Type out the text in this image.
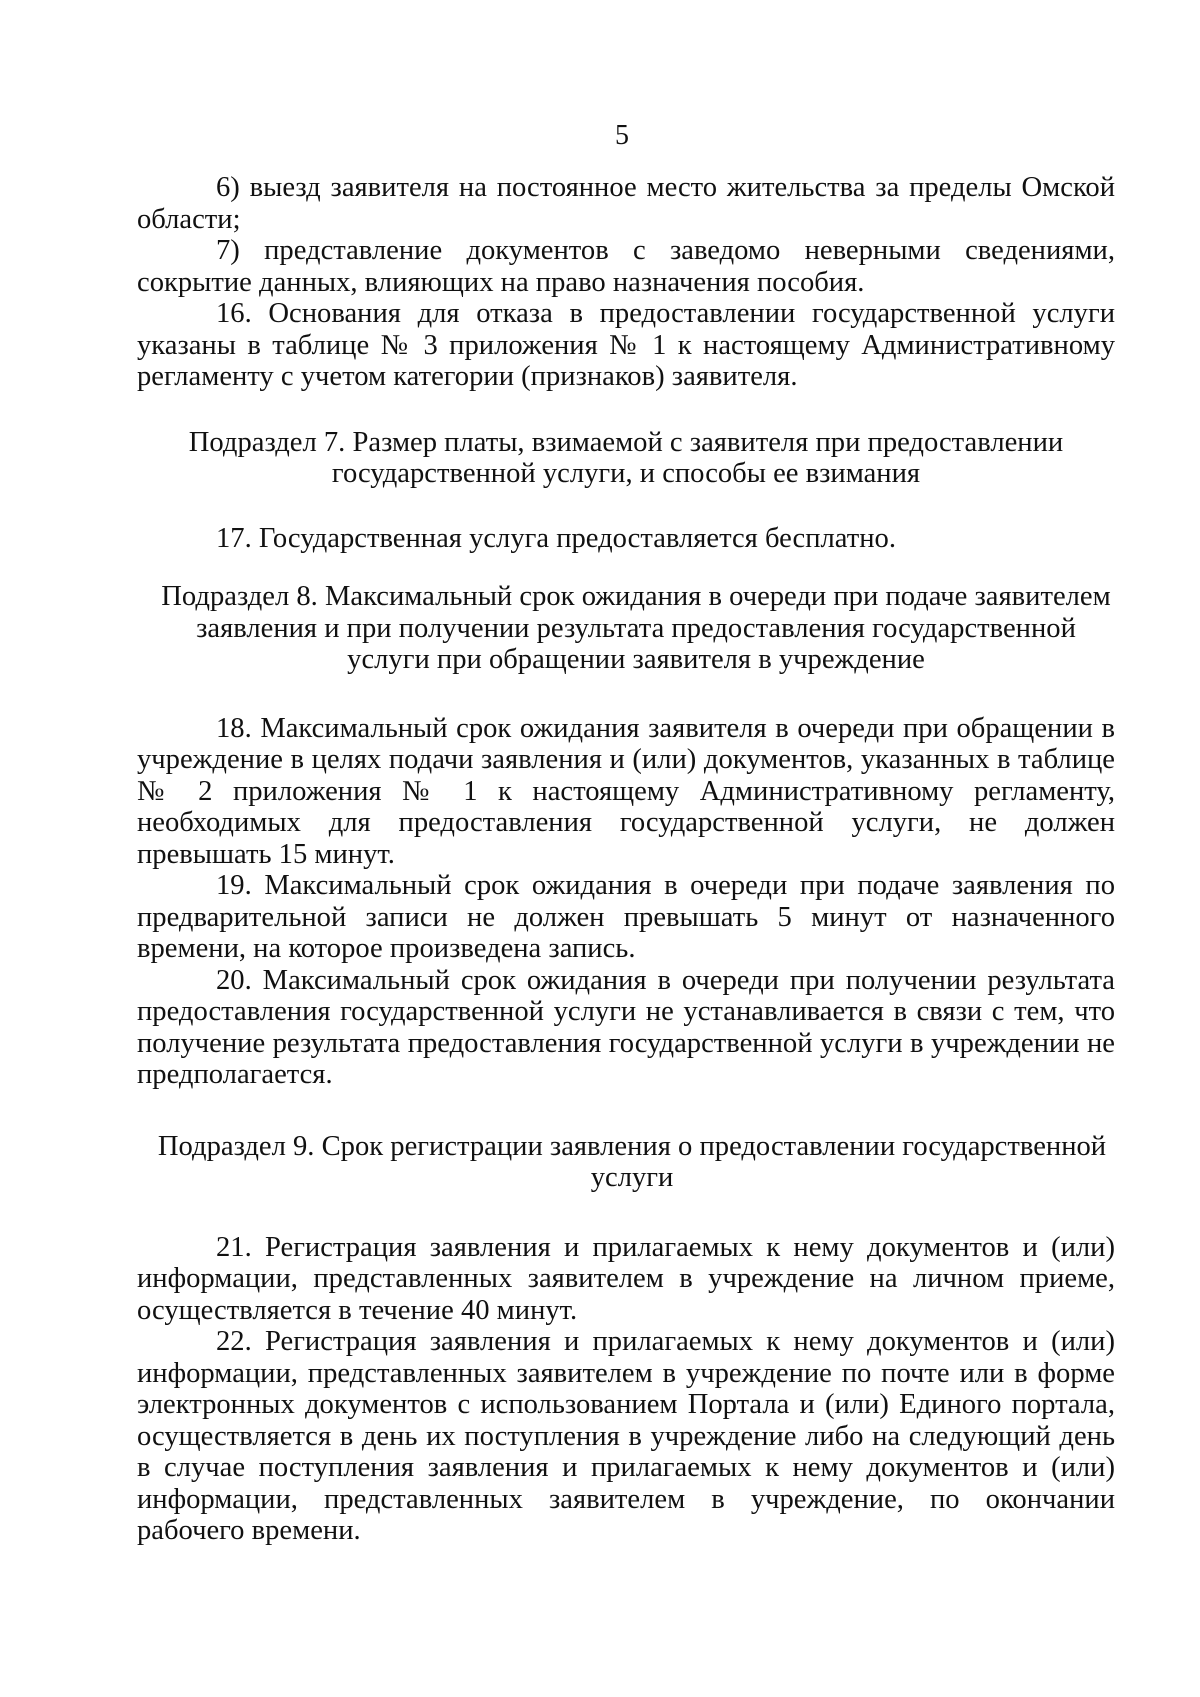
5

6) выезд заявителя на постоянное место жительства за пределы Омской области;

7) представление документов с заведомо неверными сведениями, сокрытие данных, влияющих на право назначения пособия.

16. Основания для отказа в предоставлении государственной услуги указаны в таблице № 3 приложения № 1 к настоящему Административному регламенту с учетом категории (признаков) заявителя.

Подраздел 7. Размер платы, взимаемой с заявителя при предоставлении государственной услуги, и способы ее взимания

17. Государственная услуга предоставляется бесплатно.

Подраздел 8. Максимальный срок ожидания в очереди при подаче заявителем заявления и при получении результата предоставления государственной услуги при обращении заявителя в учреждение

18. Максимальный срок ожидания заявителя в очереди при обращении в учреждение в целях подачи заявления и (или) документов, указанных в таблице № 2 приложения № 1 к настоящему Административному регламенту, необходимых для предоставления государственной услуги, не должен превышать 15 минут.

19. Максимальный срок ожидания в очереди при подаче заявления по предварительной записи не должен превышать 5 минут от назначенного времени, на которое произведена запись.

20. Максимальный срок ожидания в очереди при получении результата предоставления государственной услуги не устанавливается в связи с тем, что получение результата предоставления государственной услуги в учреждении не предполагается.

Подраздел 9. Срок регистрации заявления о предоставлении государственной услуги

21. Регистрация заявления и прилагаемых к нему документов и (или) информации, представленных заявителем в учреждение на личном приеме, осуществляется в течение 40 минут.

22. Регистрация заявления и прилагаемых к нему документов и (или) информации, представленных заявителем в учреждение по почте или в форме электронных документов с использованием Портала и (или) Единого портала, осуществляется в день их поступления в учреждение либо на следующий день в случае поступления заявления и прилагаемых к нему документов и (или) информации, представленных заявителем в учреждение, по окончании рабочего времени.
